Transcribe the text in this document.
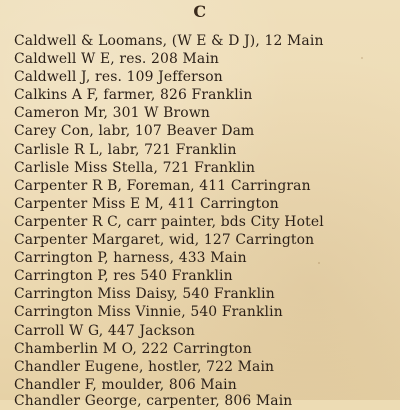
C
Caldwell & Loomans, (W E & D J), 12 Main
Caldwell W E, res. 208 Main
Caldwell J, res. 109 Jefferson
Calkins A F, farmer, 826 Franklin
Cameron Mr, 301 W Brown
Carey Con, labr, 107 Beaver Dam
Carlisle R L, labr, 721 Franklin
Carlisle Miss Stella, 721 Franklin
Carpenter R B, Foreman, 411 Carringran
Carpenter Miss E M, 411 Carrington
Carpenter R C, carr painter, bds City Hotel
Carpenter Margaret, wid, 127 Carrington
Carrington P, harness, 433 Main
Carrington P, res 540 Franklin
Carrington Miss Daisy, 540 Franklin
Carrington Miss Vinnie, 540 Franklin
Carroll W G, 447 Jackson
Chamberlin M O, 222 Carrington
Chandler Eugene, hostler, 722 Main
Chandler F, moulder, 806 Main
Chandler George, carpenter, 806 Main
